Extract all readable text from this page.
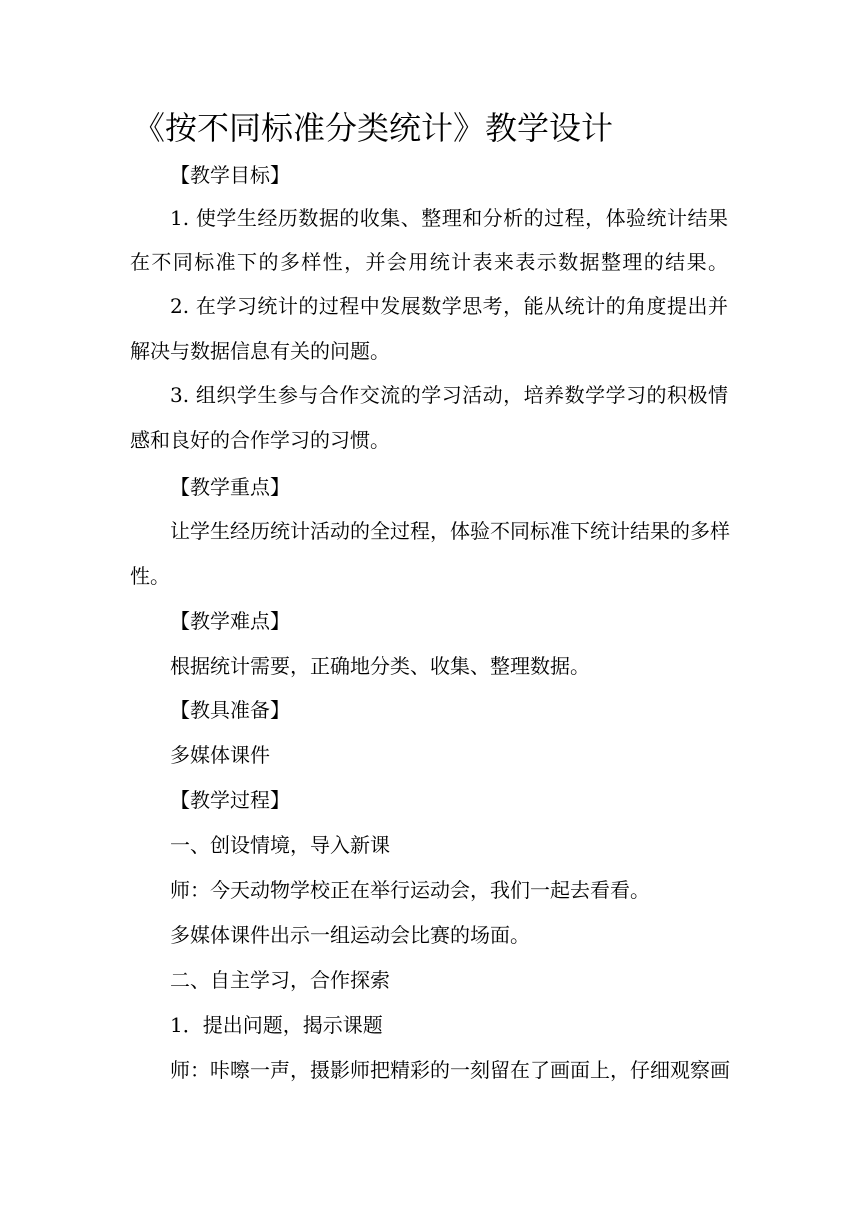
《按不同标准分类统计》教学设计
【教学目标】
1. 使学生经历数据的收集、整理和分析的过程，体验统计结果
在不同标准下的多样性，并会用统计表来表示数据整理的结果。
2. 在学习统计的过程中发展数学思考，能从统计的角度提出并
解决与数据信息有关的问题。
3. 组织学生参与合作交流的学习活动，培养数学学习的积极情
感和良好的合作学习的习惯。
【教学重点】
让学生经历统计活动的全过程，体验不同标准下统计结果的多样
性。
【教学难点】
根据统计需要，正确地分类、收集、整理数据。
【教具准备】
多媒体课件
【教学过程】
一、创设情境，导入新课
师：今天动物学校正在举行运动会，我们一起去看看。
多媒体课件出示一组运动会比赛的场面。
二、自主学习，合作探索
1．提出问题，揭示课题
师：咔嚓一声，摄影师把精彩的一刻留在了画面上，仔细观察画
